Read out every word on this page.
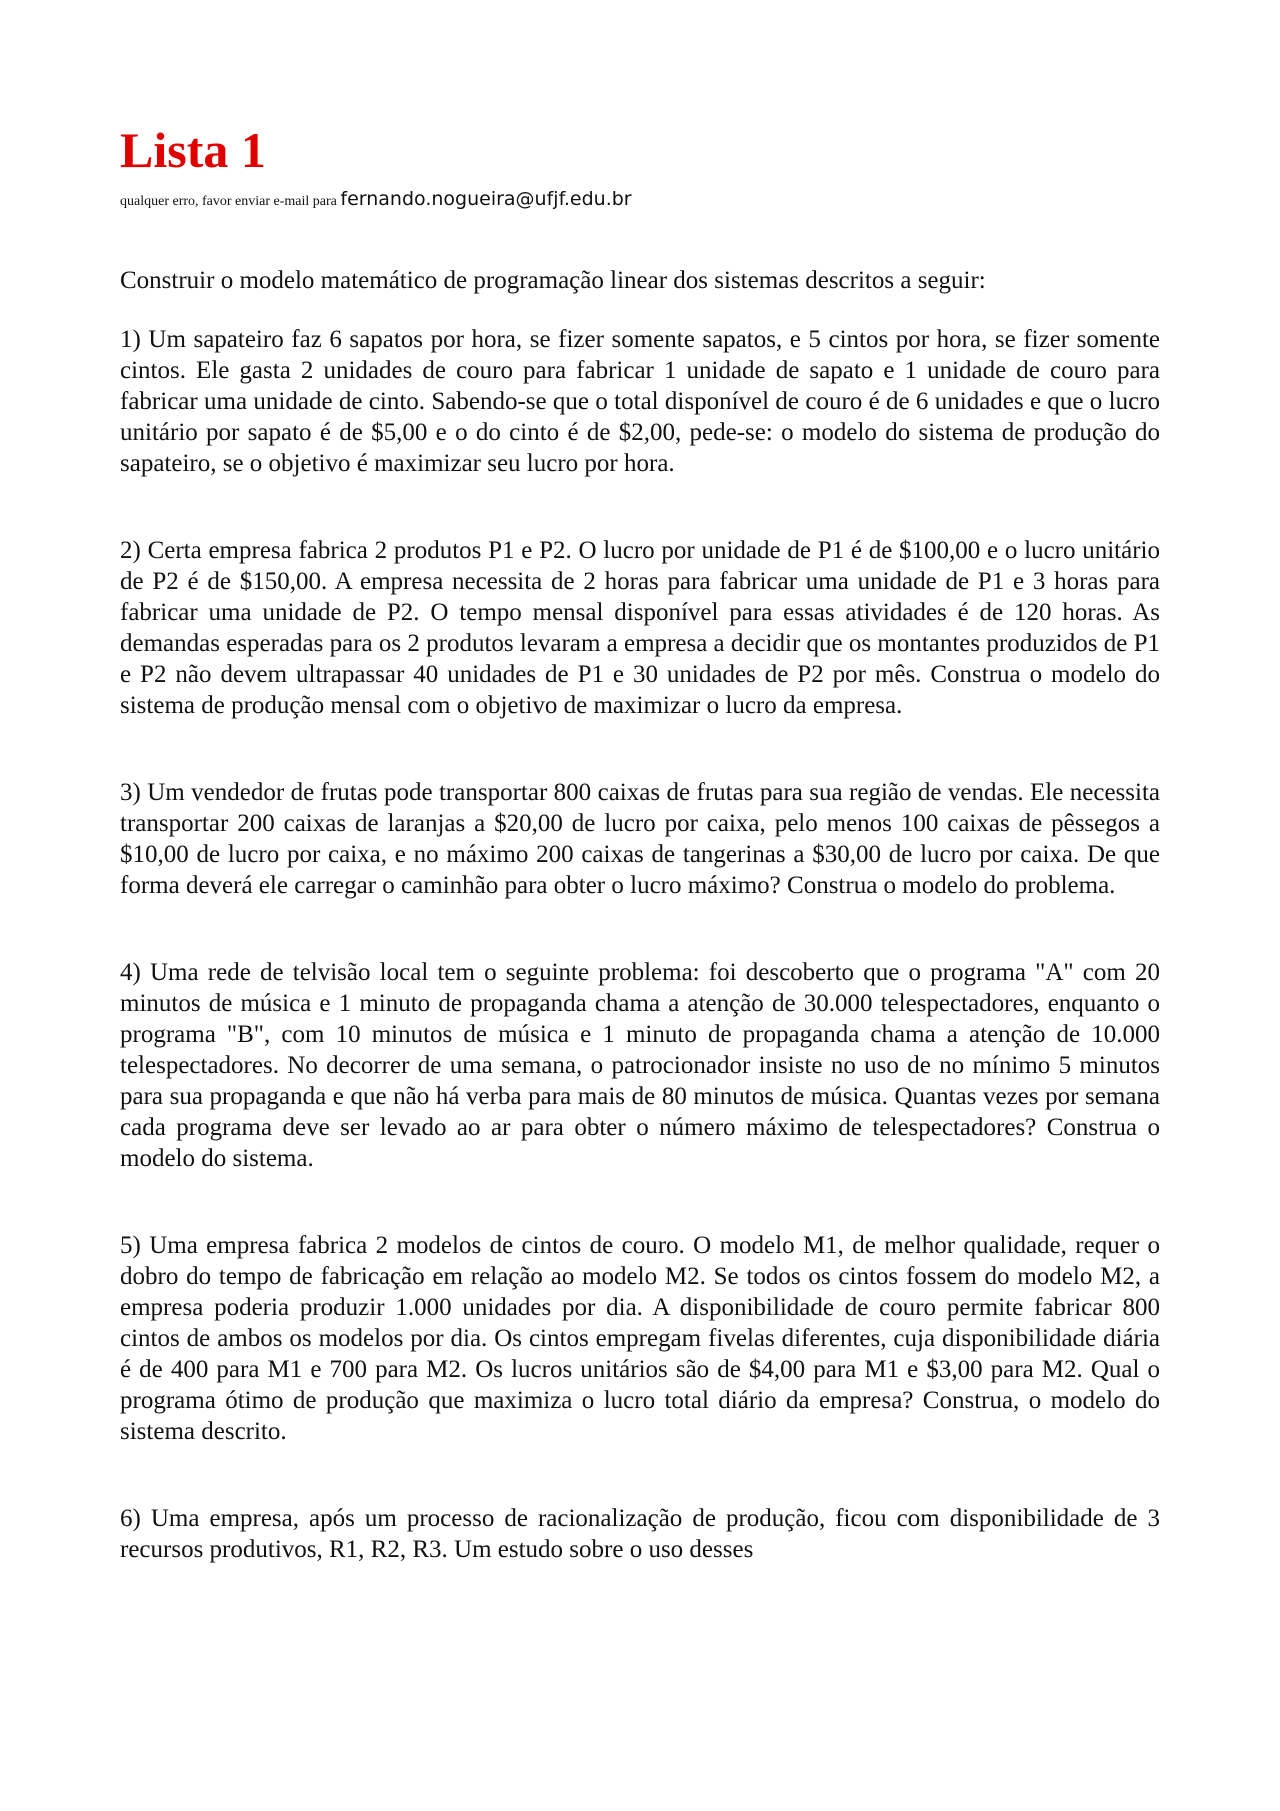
Lista 1
qualquer erro, favor enviar e-mail para fernando.nogueira@ufjf.edu.br

Construir o modelo matemático de programação linear dos sistemas descritos a seguir:

1) Um sapateiro faz 6 sapatos por hora, se fizer somente sapatos, e 5 cintos por hora, se fizer somente cintos. Ele gasta 2 unidades de couro para fabricar 1 unidade de sapato e 1 unidade de couro para fabricar uma unidade de cinto. Sabendo-se que o total disponível de couro é de 6 unidades e que o lucro unitário por sapato é de $5,00 e o do cinto é de $2,00, pede-se: o modelo do sistema de produção do sapateiro, se o objetivo é maximizar seu lucro por hora.
2) Certa empresa fabrica 2 produtos P1 e P2. O lucro por unidade de P1 é de $100,00 e o lucro unitário de P2 é de $150,00. A empresa necessita de 2 horas para fabricar uma unidade de P1 e 3 horas para fabricar uma unidade de P2. O tempo mensal disponível para essas atividades é de 120 horas. As demandas esperadas para os 2 produtos levaram a empresa a decidir que os montantes produzidos de P1 e P2 não devem ultrapassar 40 unidades de P1 e 30 unidades de P2 por mês. Construa o modelo do sistema de produção mensal com o objetivo de maximizar o lucro da empresa.
3) Um vendedor de frutas pode transportar 800 caixas de frutas para sua região de vendas. Ele necessita transportar 200 caixas de laranjas a $20,00 de lucro por caixa, pelo menos 100 caixas de pêssegos a $10,00 de lucro por caixa, e no máximo 200 caixas de tangerinas a $30,00 de lucro por caixa. De que forma deverá ele carregar o caminhão para obter o lucro máximo? Construa o modelo do problema.
4) Uma rede de telvisão local tem o seguinte problema: foi descoberto que o programa "A" com 20 minutos de música e 1 minuto de propaganda chama a atenção de 30.000 telespectadores, enquanto o programa "B", com 10 minutos de música e 1 minuto de propaganda chama a atenção de 10.000 telespectadores. No decorrer de uma semana, o patrocionador insiste no uso de no mínimo 5 minutos para sua propaganda e que não há verba para mais de 80 minutos de música. Quantas vezes por semana cada programa deve ser levado ao ar para obter o número máximo de telespectadores? Construa o modelo do sistema.
5) Uma empresa fabrica 2 modelos de cintos de couro. O modelo M1, de melhor qualidade, requer o dobro do tempo de fabricação em relação ao modelo M2. Se todos os cintos fossem do modelo M2, a empresa poderia produzir 1.000 unidades por dia. A disponibilidade de couro permite fabricar 800 cintos de ambos os modelos por dia. Os cintos empregam fivelas diferentes, cuja disponibilidade diária é de 400 para M1 e 700 para M2. Os lucros unitários são de $4,00 para M1 e $3,00 para M2. Qual o programa ótimo de produção que maximiza o lucro total diário da empresa? Construa, o modelo do sistema descrito.
6) Uma empresa, após um processo de racionalização de produção, ficou com disponibilidade de 3 recursos produtivos, R1, R2, R3. Um estudo sobre o uso desses
